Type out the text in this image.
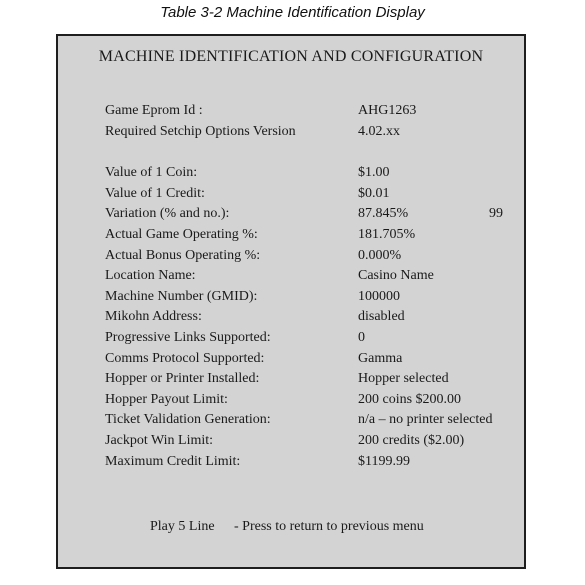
Table 3-2 Machine Identification Display
MACHINE IDENTIFICATION AND CONFIGURATION
Game Eprom Id :	AHG1263
Required Setchip Options Version	4.02.xx
Value of 1 Coin:	$1.00
Value of 1 Credit:	$0.01
Variation (% and no.):	87.845%	99
Actual Game Operating %:	181.705%
Actual Bonus Operating %:	0.000%
Location Name:	Casino Name
Machine Number (GMID):	100000
Mikohn Address:	disabled
Progressive Links Supported:	0
Comms Protocol Supported:	Gamma
Hopper or Printer Installed:	Hopper selected
Hopper Payout Limit:	200 coins $200.00
Ticket Validation Generation:	n/a – no printer selected
Jackpot Win Limit:	200 credits ($2.00)
Maximum Credit Limit:	$1199.99
Play 5 Line - Press to return to previous menu
